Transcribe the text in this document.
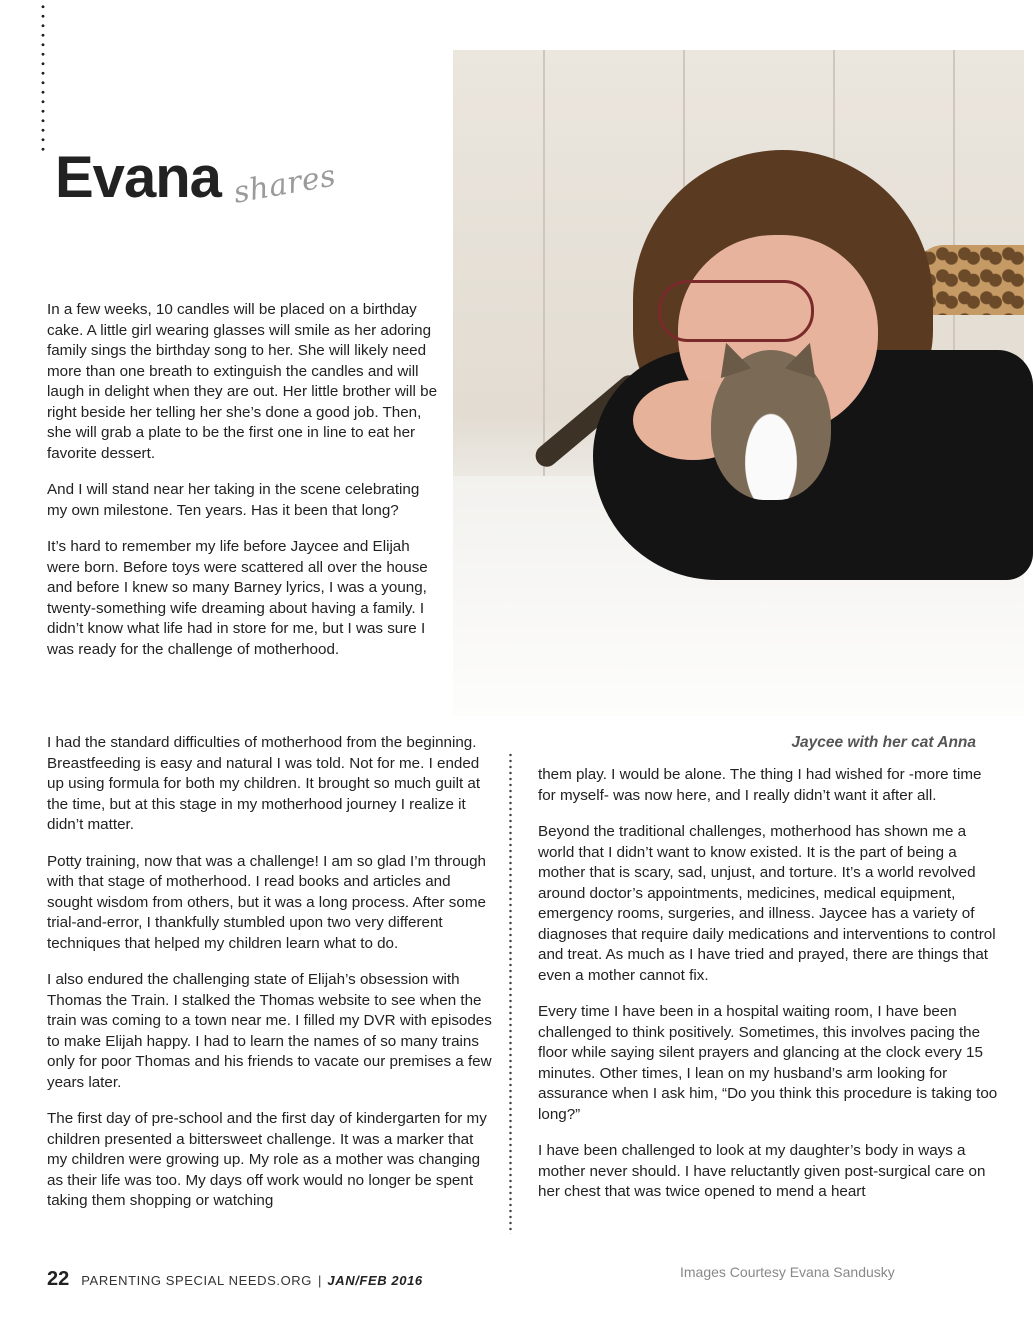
Evana shares
Jaycee with her cat Anna

In a few weeks, 10 candles will be placed on a birthday cake. A little girl wearing glasses will smile as her adoring family sings the birthday song to her. She will likely need more than one breath to extinguish the candles and will laugh in delight when they are out. Her little brother will be right beside her telling her she’s done a good job. Then, she will grab a plate to be the first one in line to eat her favorite dessert.

And I will stand near her taking in the scene celebrating my own milestone. Ten years. Has it been that long?

It’s hard to remember my life before Jaycee and Elijah were born. Before toys were scattered all over the house and before I knew so many Barney lyrics, I was a young, twenty-something wife dreaming about having a family. I didn’t know what life had in store for me, but I was sure I was ready for the challenge of motherhood.

I had the standard difficulties of motherhood from the beginning. Breastfeeding is easy and natural I was told. Not for me. I ended up using formula for both my children. It brought so much guilt at the time, but at this stage in my motherhood journey I realize it didn’t matter.

Potty training, now that was a challenge! I am so glad I’m through with that stage of motherhood. I read books and articles and sought wisdom from others, but it was a long process. After some trial-and-error, I thankfully stumbled upon two very different techniques that helped my children learn what to do.

I also endured the challenging state of Elijah’s obsession with Thomas the Train. I stalked the Thomas website to see when the train was coming to a town near me. I filled my DVR with episodes to make Elijah happy. I had to learn the names of so many trains only for poor Thomas and his friends to vacate our premises a few years later.

The first day of pre-school and the first day of kindergarten for my children presented a bittersweet challenge. It was a marker that my children were growing up. My role as a mother was changing as their life was too. My days off work would no longer be spent taking them shopping or watching

them play. I would be alone. The thing I had wished for -more time for myself- was now here, and I really didn’t want it after all.

Beyond the traditional challenges, motherhood has shown me a world that I didn’t want to know existed. It is the part of being a mother that is scary, sad, unjust, and torture. It’s a world revolved around doctor’s appointments, medicines, medical equipment, emergency rooms, surgeries, and illness. Jaycee has a variety of diagnoses that require daily medications and interventions to control and treat. As much as I have tried and prayed, there are things that even a mother cannot fix.

Every time I have been in a hospital waiting room, I have been challenged to think positively. Sometimes, this involves pacing the floor while saying silent prayers and glancing at the clock every 15 minutes. Other times, I lean on my husband’s arm looking for assurance when I ask him, “Do you think this procedure is taking too long?”

I have been challenged to look at my daughter’s body in ways a mother never should. I have reluctantly given post-surgical care on her chest that was twice opened to mend a heart

Images Courtesy Evana Sandusky
22 PARENTING SPECIAL NEEDS.ORG | JAN/FEB 2016
